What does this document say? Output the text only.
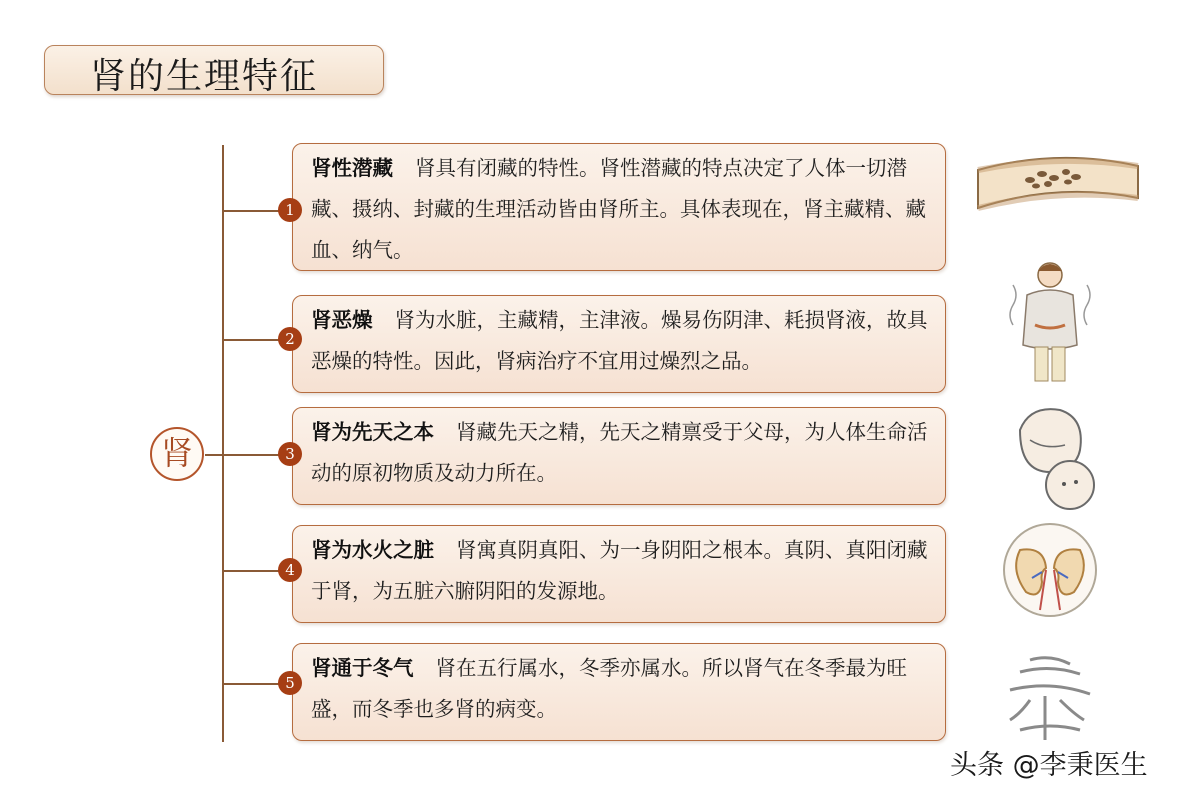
肾的生理特征
肾
肾性潜藏 肾具有闭藏的特性。肾性潜藏的特点决定了人体一切潜藏、摄纳、封藏的生理活动皆由肾所主。具体表现在，肾主藏精、藏血、纳气。
1
肾恶燥 肾为水脏，主藏精，主津液。燥易伤阴津、耗损肾液，故具恶燥的特性。因此，肾病治疗不宜用过燥烈之品。
2
肾为先天之本 肾藏先天之精，先天之精禀受于父母，为人体生命活动的原初物质及动力所在。
3
肾为水火之脏 肾寓真阴真阳、为一身阴阳之根本。真阴、真阳闭藏于肾，为五脏六腑阴阳的发源地。
4
肾通于冬气 肾在五行属水，冬季亦属水。所以肾气在冬季最为旺盛，而冬季也多肾的病变。
5
头条 @李秉医生
